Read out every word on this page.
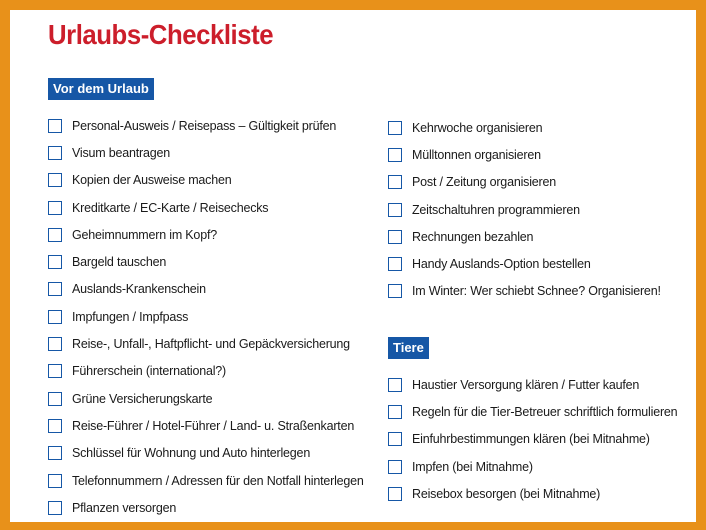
Urlaubs-Checkliste
Vor dem Urlaub
Personal-Ausweis / Reisepass – Gültigkeit prüfen
Visum beantragen
Kopien der Ausweise machen
Kreditkarte / EC-Karte / Reisechecks
Geheimnummern im Kopf?
Bargeld tauschen
Auslands-Krankenschein
Impfungen / Impfpass
Reise-, Unfall-, Haftpflicht- und Gepäckversicherung
Führerschein (international?)
Grüne Versicherungskarte
Reise-Führer / Hotel-Führer / Land- u. Straßenkarten
Schlüssel für Wohnung und Auto hinterlegen
Telefonnummern / Adressen für den Notfall hinterlegen
Pflanzen versorgen
Kehrwoche organisieren
Mülltonnen organisieren
Post / Zeitung organisieren
Zeitschaltuhren programmieren
Rechnungen bezahlen
Handy Auslands-Option bestellen
Im Winter: Wer schiebt Schnee? Organisieren!
Tiere
Haustier Versorgung klären / Futter kaufen
Regeln für die Tier-Betreuer schriftlich formulieren
Einfuhrbestimmungen klären (bei Mitnahme)
Impfen (bei Mitnahme)
Reisebox besorgen (bei Mitnahme)
